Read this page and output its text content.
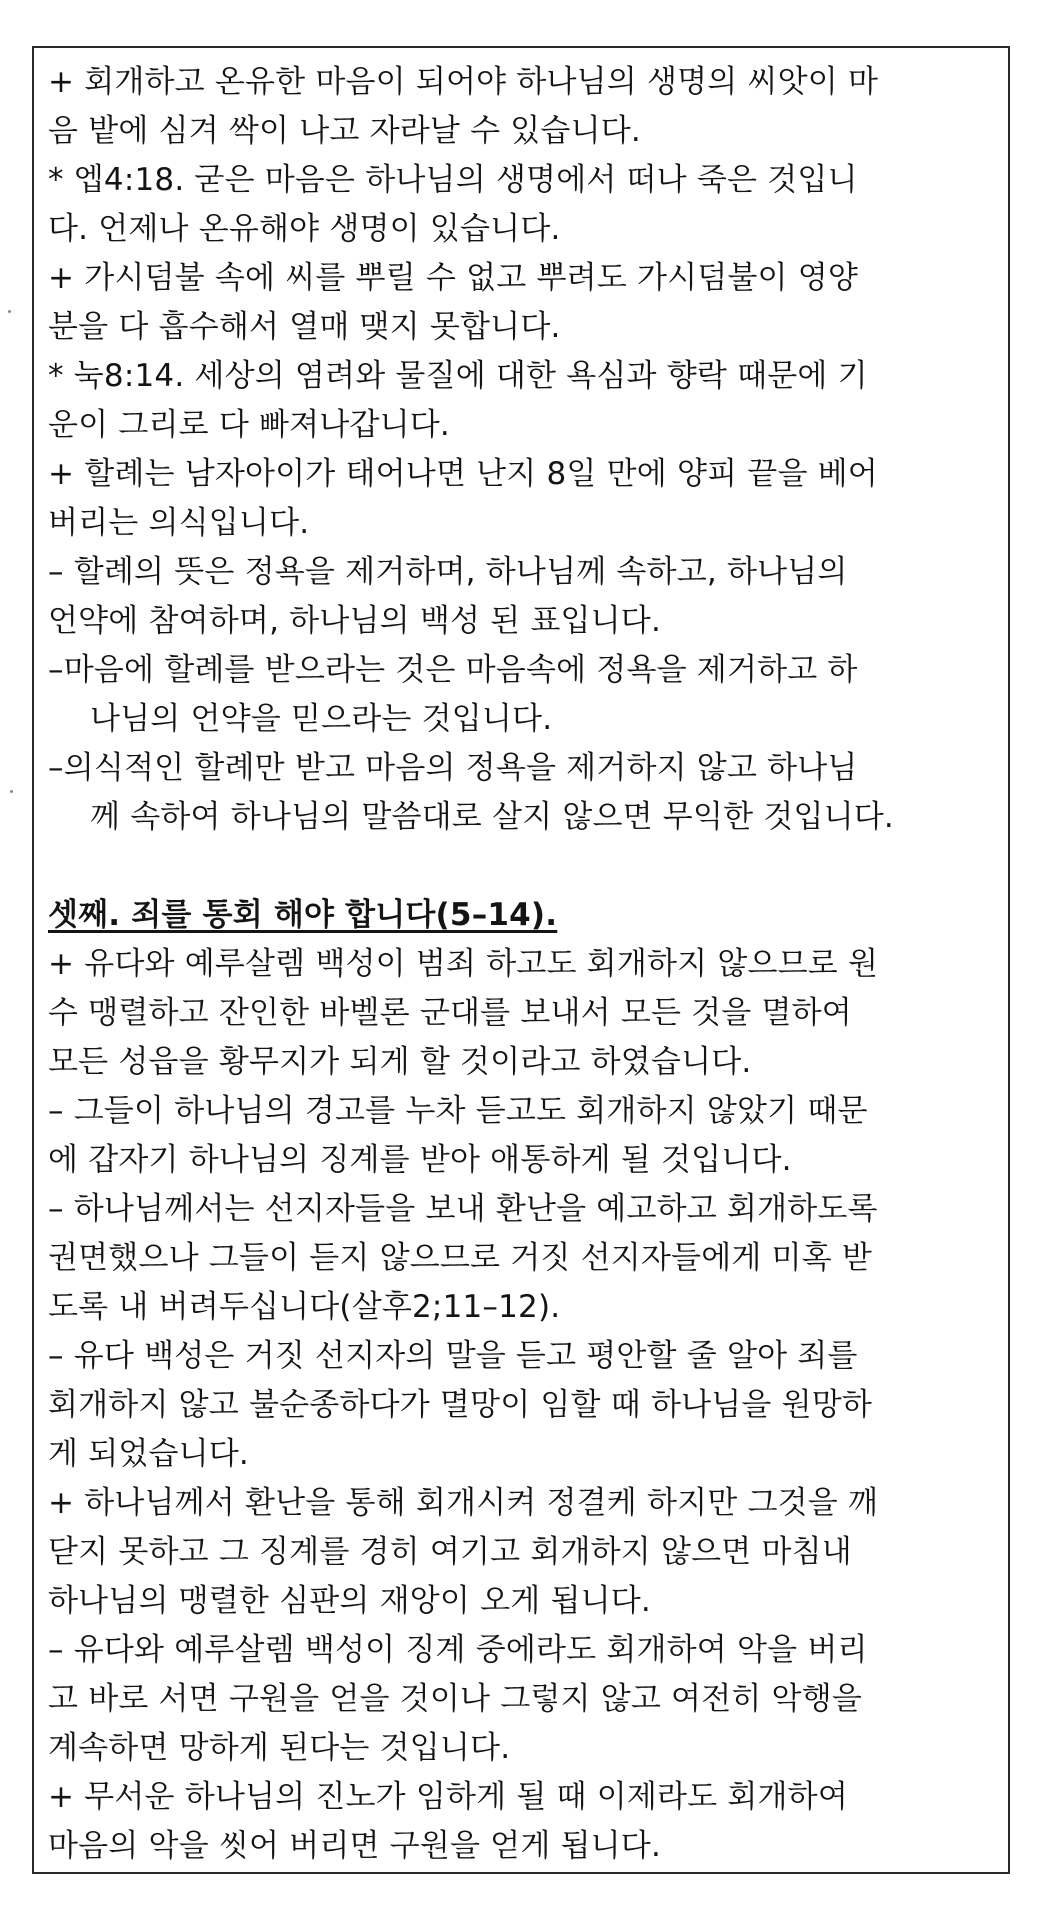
+ 회개하고 온유한 마음이 되어야 하나님의 생명의 씨앗이 마
음 밭에 심겨 싹이 나고 자라날 수 있습니다.
* 엡4:18. 굳은 마음은 하나님의 생명에서 떠나 죽은 것입니
다. 언제나 온유해야 생명이 있습니다.
+ 가시덤불 속에 씨를 뿌릴 수 없고 뿌려도 가시덤불이 영양
분을 다 흡수해서 열매 맺지 못합니다.
* 눅8:14. 세상의 염려와 물질에 대한 욕심과 향락 때문에 기
운이 그리로 다 빠져나갑니다.
+ 할례는 남자아이가 태어나면 난지 8일 만에 양피 끝을 베어
버리는 의식입니다.
– 할례의 뜻은 정욕을 제거하며, 하나님께 속하고, 하나님의
언약에 참여하며, 하나님의 백성 된 표입니다.
–마음에 할례를 받으라는 것은 마음속에 정욕을 제거하고 하
나님의 언약을 믿으라는 것입니다.
–의식적인 할례만 받고 마음의 정욕을 제거하지 않고 하나님
께 속하여 하나님의 말씀대로 살지 않으면 무익한 것입니다.
셋째. 죄를 통회 해야 합니다(5–14).
+ 유다와 예루살렘 백성이 범죄 하고도 회개하지 않으므로 원
수 맹렬하고 잔인한 바벨론 군대를 보내서 모든 것을 멸하여
모든 성읍을 황무지가 되게 할 것이라고 하였습니다.
– 그들이 하나님의 경고를 누차 듣고도 회개하지 않았기 때문
에 갑자기 하나님의 징계를 받아 애통하게 될 것입니다.
– 하나님께서는 선지자들을 보내 환난을 예고하고 회개하도록
권면했으나 그들이 듣지 않으므로 거짓 선지자들에게 미혹 받
도록 내 버려두십니다(살후2;11–12).
– 유다 백성은 거짓 선지자의 말을 듣고 평안할 줄 알아 죄를
회개하지 않고 불순종하다가 멸망이 임할 때 하나님을 원망하
게 되었습니다.
+ 하나님께서 환난을 통해 회개시켜 정결케 하지만 그것을 깨
닫지 못하고 그 징계를 경히 여기고 회개하지 않으면 마침내
하나님의 맹렬한 심판의 재앙이 오게 됩니다.
– 유다와 예루살렘 백성이 징계 중에라도 회개하여 악을 버리
고 바로 서면 구원을 얻을 것이나 그렇지 않고 여전히 악행을
계속하면 망하게 된다는 것입니다.
+ 무서운 하나님의 진노가 임하게 될 때 이제라도 회개하여
마음의 악을 씻어 버리면 구원을 얻게 됩니다.
